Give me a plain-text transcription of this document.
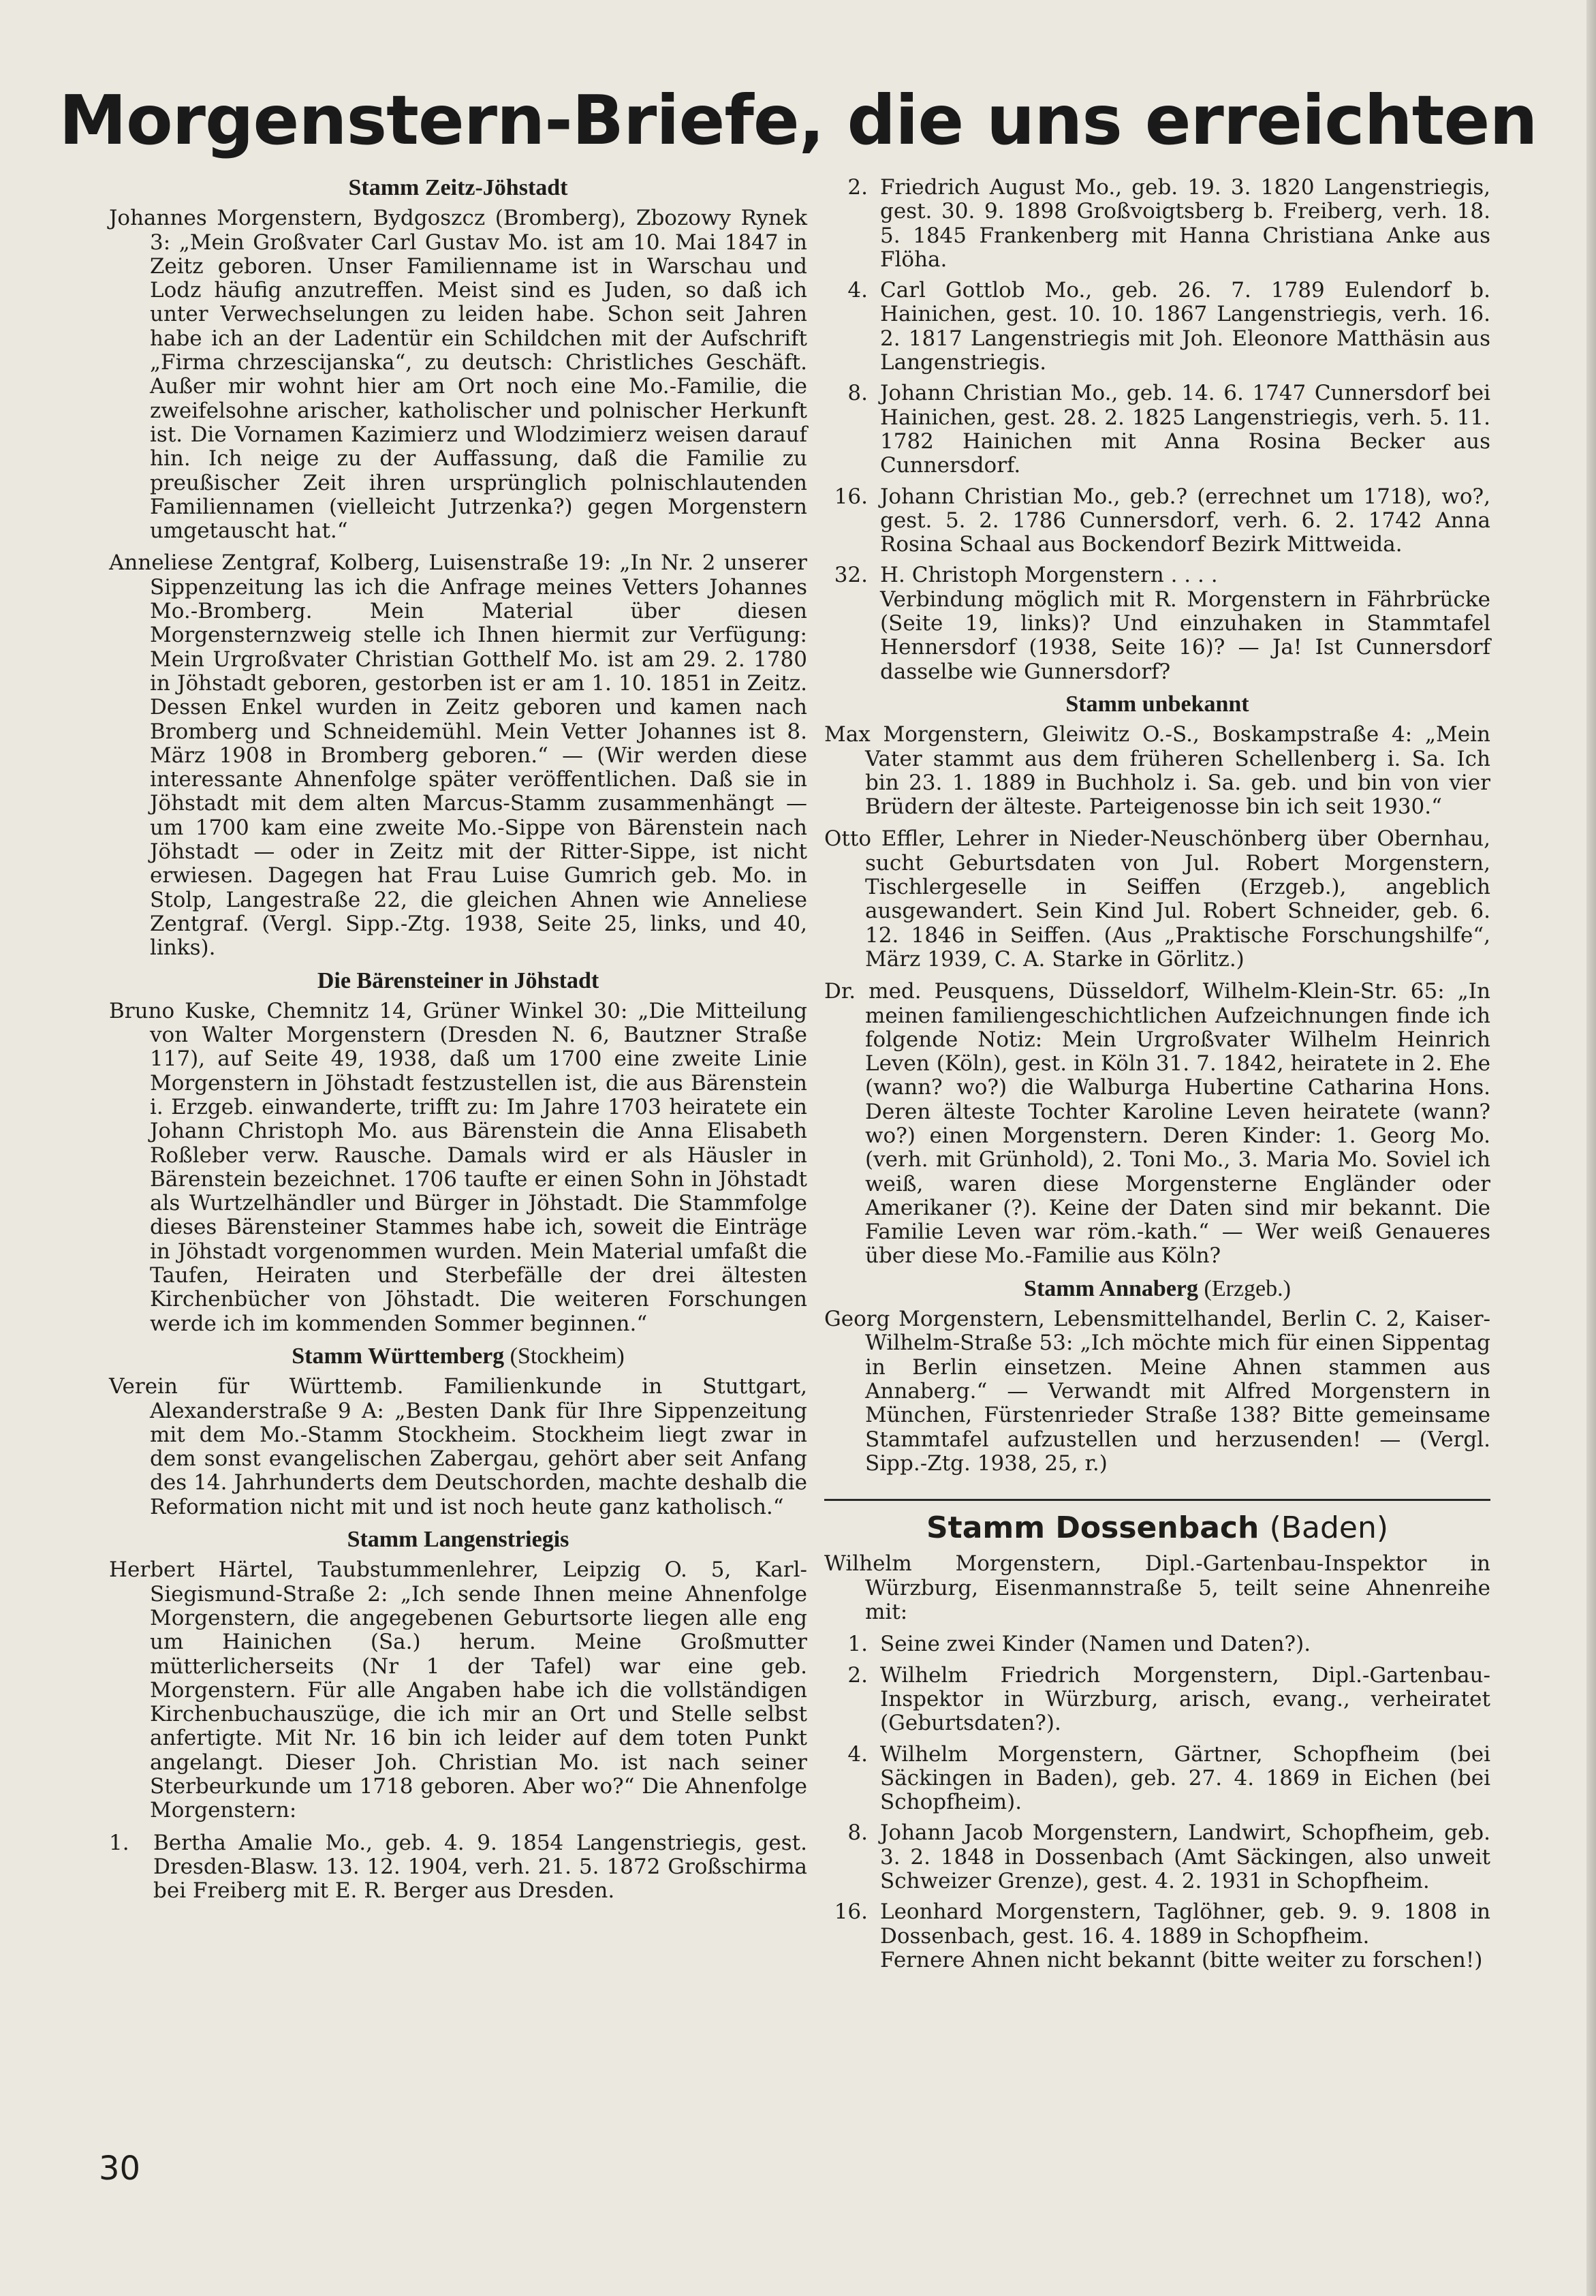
Morgenstern-Briefe, die uns erreichten
Stamm Zeitz-Jöhstadt

Johannes Morgenstern, Bydgoszcz (Bromberg), Zbozowy Rynek 3: „Mein Großvater Carl Gustav Mo. ist am 10. Mai 1847 in Zeitz geboren. Unser Familienname ist in Warschau und Lodz häufig anzutreffen. Meist sind es Juden, so daß ich unter Verwechselungen zu leiden habe. Schon seit Jahren habe ich an der Ladentür ein Schildchen mit der Aufschrift „Firma chrzescijanska“, zu deutsch: Christliches Geschäft. Außer mir wohnt hier am Ort noch eine Mo.-Familie, die zweifelsohne arischer, katholischer und polnischer Herkunft ist. Die Vornamen Kazimierz und Wlodzimierz weisen darauf hin. Ich neige zu der Auffassung, daß die Familie zu preußischer Zeit ihren ursprünglich polnischlautenden Familiennamen (vielleicht Jutrzenka?) gegen Morgenstern umgetauscht hat.“

Anneliese Zentgraf, Kolberg, Luisenstraße 19: „In Nr. 2 unserer Sippenzeitung las ich die Anfrage meines Vetters Johannes Mo.-Bromberg. Mein Material über diesen Morgensternzweig stelle ich Ihnen hiermit zur Verfügung: Mein Urgroßvater Christian Gotthelf Mo. ist am 29. 2. 1780 in Jöhstadt geboren, gestorben ist er am 1. 10. 1851 in Zeitz. Dessen Enkel wurden in Zeitz geboren und kamen nach Bromberg und Schneidemühl. Mein Vetter Johannes ist 8. März 1908 in Bromberg geboren.“ — (Wir werden diese interessante Ahnenfolge später veröffentlichen. Daß sie in Jöhstadt mit dem alten Marcus-Stamm zusammenhängt — um 1700 kam eine zweite Mo.-Sippe von Bärenstein nach Jöhstadt — oder in Zeitz mit der Ritter-Sippe, ist nicht erwiesen. Dagegen hat Frau Luise Gumrich geb. Mo. in Stolp, Langestraße 22, die gleichen Ahnen wie Anneliese Zentgraf. (Vergl. Sipp.-Ztg. 1938, Seite 25, links, und 40, links).

Die Bärensteiner in Jöhstadt

Bruno Kuske, Chemnitz 14, Grüner Winkel 30: „Die Mitteilung von Walter Morgenstern (Dresden N. 6, Bautzner Straße 117), auf Seite 49, 1938, daß um 1700 eine zweite Linie Morgenstern in Jöhstadt festzustellen ist, die aus Bärenstein i. Erzgeb. einwanderte, trifft zu: Im Jahre 1703 heiratete ein Johann Christoph Mo. aus Bärenstein die Anna Elisabeth Roßleber verw. Rauschе. Damals wird er als Häusler in Bärenstein bezeichnet. 1706 taufte er einen Sohn in Jöhstadt als Wurtzelhändler und Bürger in Jöhstadt. Die Stammfolge dieses Bärensteiner Stammes habe ich, soweit die Einträge in Jöhstadt vorgenommen wurden. Mein Material umfaßt die Taufen, Heiraten und Sterbefälle der drei ältesten Kirchenbücher von Jöhstadt. Die weiteren Forschungen werde ich im kommenden Sommer beginnen.“

Stamm Württemberg (Stockheim)

Verein für Württemb. Familienkunde in Stuttgart, Alexanderstraße 9 A: „Besten Dank für Ihre Sippenzeitung mit dem Mo.-Stamm Stockheim. Stockheim liegt zwar in dem sonst evangelischen Zabergau, gehört aber seit Anfang des 14. Jahrhunderts dem Deutschorden, machte deshalb die Reformation nicht mit und ist noch heute ganz katholisch.“

Stamm Langenstriegis

Herbert Härtel, Taubstummenlehrer, Leipzig O. 5, Karl-Siegismund-Straße 2: „Ich sende Ihnen meine Ahnenfolge Morgenstern, die angegebenen Geburtsorte liegen alle eng um Hainichen (Sa.) herum. Meine Großmutter mütterlicherseits (Nr 1 der Tafel) war eine geb. Morgenstern. Für alle Angaben habe ich die vollständigen Kirchenbuchauszüge, die ich mir an Ort und Stelle selbst anfertigte. Mit Nr. 16 bin ich leider auf dem toten Punkt angelangt. Dieser Joh. Christian Mo. ist nach seiner Sterbeurkunde um 1718 geboren. Aber wo?“ Die Ahnenfolge Morgenstern:

1.	Bertha Amalie Mo., geb. 4. 9. 1854 Langenstriegis, gest. Dresden-Blasw. 13. 12. 1904, verh. 21. 5. 1872 Großschirma bei Freiberg mit E. R. Berger aus Dresden.
2. Friedrich August Mo., geb. 19. 3. 1820 Langenstriegis, gest. 30. 9. 1898 Großvoigtsberg b. Freiberg, verh. 18. 5. 1845 Frankenberg mit Hanna Christiana Anke aus Flöha.
4. Carl Gottlob Mo., geb. 26. 7. 1789 Eulendorf b. Hainichen, gest. 10. 10. 1867 Langenstriegis, verh. 16. 2. 1817 Langenstriegis mit Joh. Eleonore Matthäsin aus Langenstriegis.
8. Johann Christian Mo., geb. 14. 6. 1747 Cunnersdorf bei Hainichen, gest. 28. 2. 1825 Langenstriegis, verh. 5. 11. 1782 Hainichen mit Anna Rosina Becker aus Cunnersdorf.
16. Johann Christian Mo., geb.? (errechnet um 1718), wo?, gest. 5. 2. 1786 Cunnersdorf, verh. 6. 2. 1742 Anna Rosina Schaal aus Bockendorf Bezirk Mittweida.
32. H. Christoph Morgenstern . . . .

Verbindung möglich mit R. Morgenstern in Fährbrücke (Seite 19, links)? Und einzuhaken in Stammtafel Hennersdorf (1938, Seite 16)? — Ja! Ist Cunnersdorf dasselbe wie Gunnersdorf?

Stamm unbekannt

Max Morgenstern, Gleiwitz O.-S., Boskampstraße 4: „Mein Vater stammt aus dem früheren Schellenberg i. Sa. Ich bin 23. 1. 1889 in Buchholz i. Sa. geb. und bin von vier Brüdern der älteste. Parteigenosse bin ich seit 1930.“

Otto Effler, Lehrer in Nieder-Neuschönberg über Obernhau, sucht Geburtsdaten von Jul. Robert Morgenstern, Tischlergeselle in Seiffen (Erzgeb.), angeblich ausgewandert. Sein Kind Jul. Robert Schneider, geb. 6. 12. 1846 in Seiffen. (Aus „Praktische Forschungshilfe“, März 1939, C. A. Starke in Görlitz.)

Dr. med. Peusquens, Düsseldorf, Wilhelm-Klein-Str. 65: „In meinen familiengeschichtlichen Aufzeichnungen finde ich folgende Notiz: Mein Urgroßvater Wilhelm Heinrich Leven (Köln), gest. in Köln 31. 7. 1842, heiratete in 2. Ehe (wann? wo?) die Walburga Hubertine Catharina Hons. Deren älteste Tochter Karoline Leven heiratete (wann? wo?) einen Morgenstern. Deren Kinder: 1. Georg Mo. (verh. mit Grünhold), 2. Toni Mo., 3. Maria Mo. Soviel ich weiß, waren diese Morgensterne Engländer oder Amerikaner (?). Keine der Daten sind mir bekannt. Die Familie Leven war röm.-kath.“ — Wer weiß Genaueres über diese Mo.-Familie aus Köln?

Stamm Annaberg (Erzgeb.)

Georg Morgenstern, Lebensmittelhandel, Berlin C. 2, Kaiser-Wilhelm-Straße 53: „Ich möchte mich für einen Sippentag in Berlin einsetzen. Meine Ahnen stammen aus Annaberg.“ — Verwandt mit Alfred Morgenstern in München, Fürstenrieder Straße 138? Bitte gemeinsame Stammtafel aufzustellen und herzusenden! — (Vergl. Sipp.-Ztg. 1938, 25, r.)

Stamm Dossenbach (Baden)

Wilhelm Morgenstern, Dipl.-Gartenbau-Inspektor in Würzburg, Eisenmannstraße 5, teilt seine Ahnenreihe mit:

1. Seine zwei Kinder (Namen und Daten?).
2. Wilhelm Friedrich Morgenstern, Dipl.-Gartenbau-Inspektor in Würzburg, arisch, evang., verheiratet (Geburtsdaten?).
4. Wilhelm Morgenstern, Gärtner, Schopfheim (bei Säckingen in Baden), geb. 27. 4. 1869 in Eichen (bei Schopfheim).
8. Johann Jacob Morgenstern, Landwirt, Schopfheim, geb. 3. 2. 1848 in Dossenbach (Amt Säckingen, also unweit Schweizer Grenze), gest. 4. 2. 1931 in Schopfheim.
16. Leonhard Morgenstern, Taglöhner, geb. 9. 9. 1808 in Dossenbach, gest. 16. 4. 1889 in Schopfheim.

Fernere Ahnen nicht bekannt (bitte weiter zu forschen!)

30
